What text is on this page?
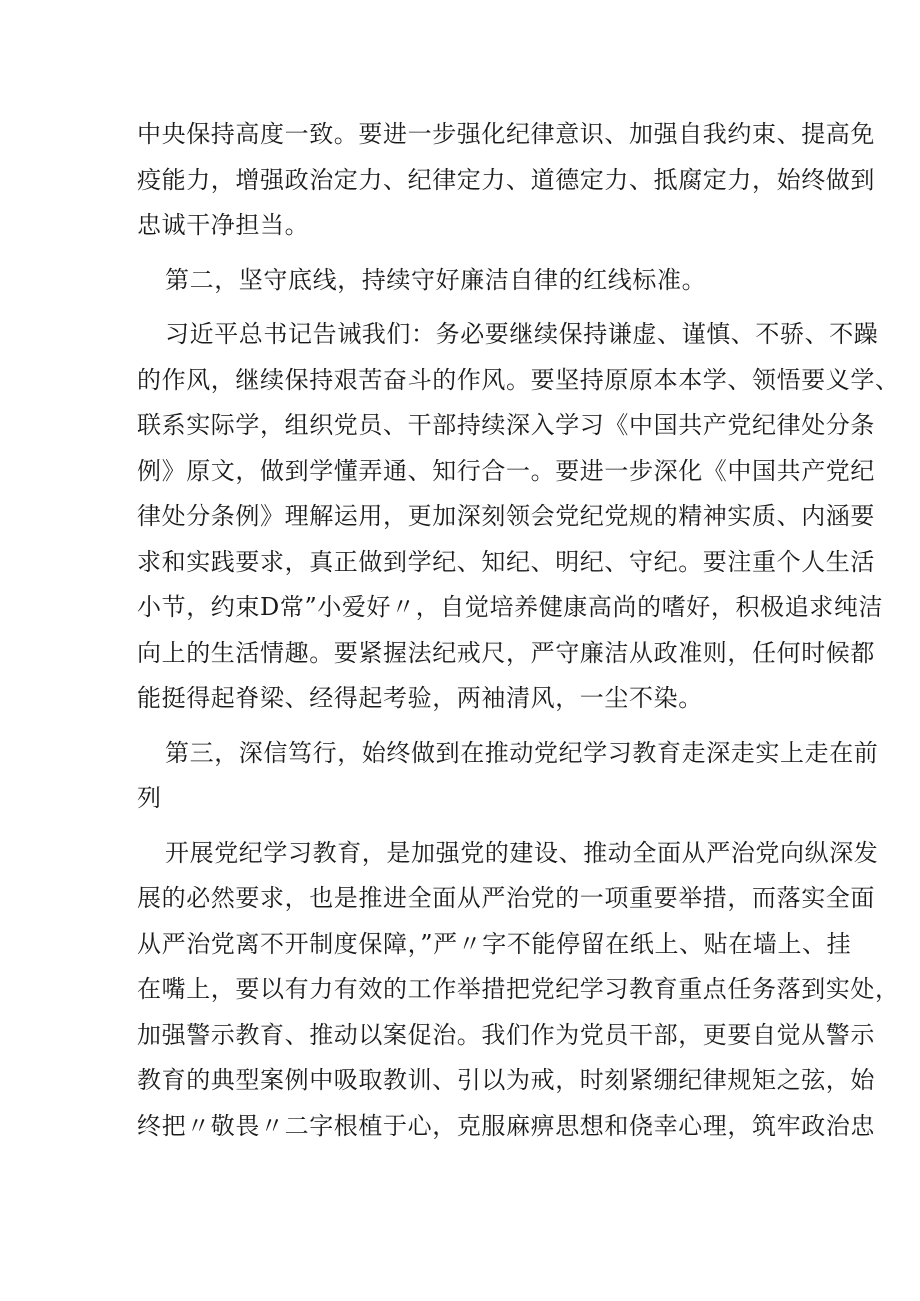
中央保持高度一致。要进一步强化纪律意识、加强自我约束、提高免
疫能力，增强政治定力、纪律定力、道德定力、抵腐定力，始终做到
忠诚干净担当。
第二，坚守底线，持续守好廉洁自律的红线标准。
习近平总书记告诫我们：务必要继续保持谦虚、谨慎、不骄、不躁
的作风，继续保持艰苦奋斗的作风。要坚持原原本本学、领悟要义学、
联系实际学，组织党员、干部持续深入学习《中国共产党纪律处分条
例》原文，做到学懂弄通、知行合一。要进一步深化《中国共产党纪
律处分条例》理解运用，更加深刻领会党纪党规的精神实质、内涵要
求和实践要求，真正做到学纪、知纪、明纪、守纪。要注重个人生活
小节，约束D常”小爱好〃，自觉培养健康高尚的嗜好，积极追求纯洁
向上的生活情趣。要紧握法纪戒尺，严守廉洁从政准则，任何时候都
能挺得起脊梁、经得起考验，两袖清风，一尘不染。
第三，深信笃行，始终做到在推动党纪学习教育走深走实上走在前
列
开展党纪学习教育，是加强党的建设、推动全面从严治党向纵深发
展的必然要求，也是推进全面从严治党的一项重要举措，而落实全面
从严治党离不开制度保障，”严〃字不能停留在纸上、贴在墙上、挂
在嘴上，要以有力有效的工作举措把党纪学习教育重点任务落到实处，
加强警示教育、推动以案促治。我们作为党员干部，更要自觉从警示
教育的典型案例中吸取教训、引以为戒，时刻紧绷纪律规矩之弦，始
终把〃敬畏〃二字根植于心，克服麻痹思想和侥幸心理，筑牢政治忠
